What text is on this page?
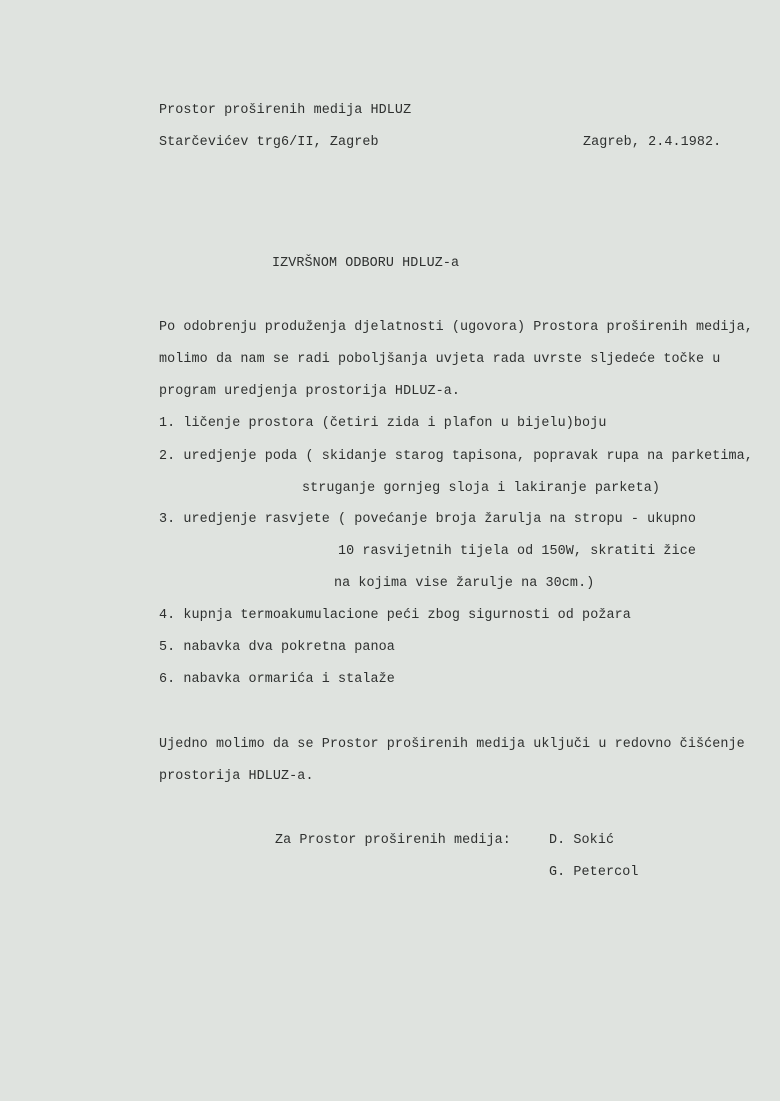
Prostor proširenih medija HDLUZ
Starčevićev trg6/II, Zagreb	Zagreb, 2.4.1982.
IZVRŠNOM ODBORU HDLUZ-a
Po odobrenju produženja djelatnosti (ugovora) Prostora proširenih medija,
molimo da nam se radi poboljšanja uvjeta rada uvrste sljedeće točke u
program uredjenja prostorija HDLUZ-a.
1. ličenje prostora (četiri zida i plafon u bijelu)boju
2. uredjenje poda ( skidanje starog tapisona, popravak rupa na parketima,
struganje gornjeg sloja i lakiranje parketa)
3. uredjenje rasvjete ( povećanje broja žarulja na stropu - ukupno
10 rasvijetnih tijela od 150W, skratiti žice
na kojima vise žarulje na 30cm.)
4. kupnja termoakumulacione peći zbog sigurnosti od požara
5. nabavka dva pokretna panoa
6. nabavka ormarića i stalaže
Ujedno molimo da se Prostor proširenih medija uključi u redovno čišćenje
prostorija HDLUZ-a.
Za Prostor proširenih medija:	D. Sokić
G. Petercol
